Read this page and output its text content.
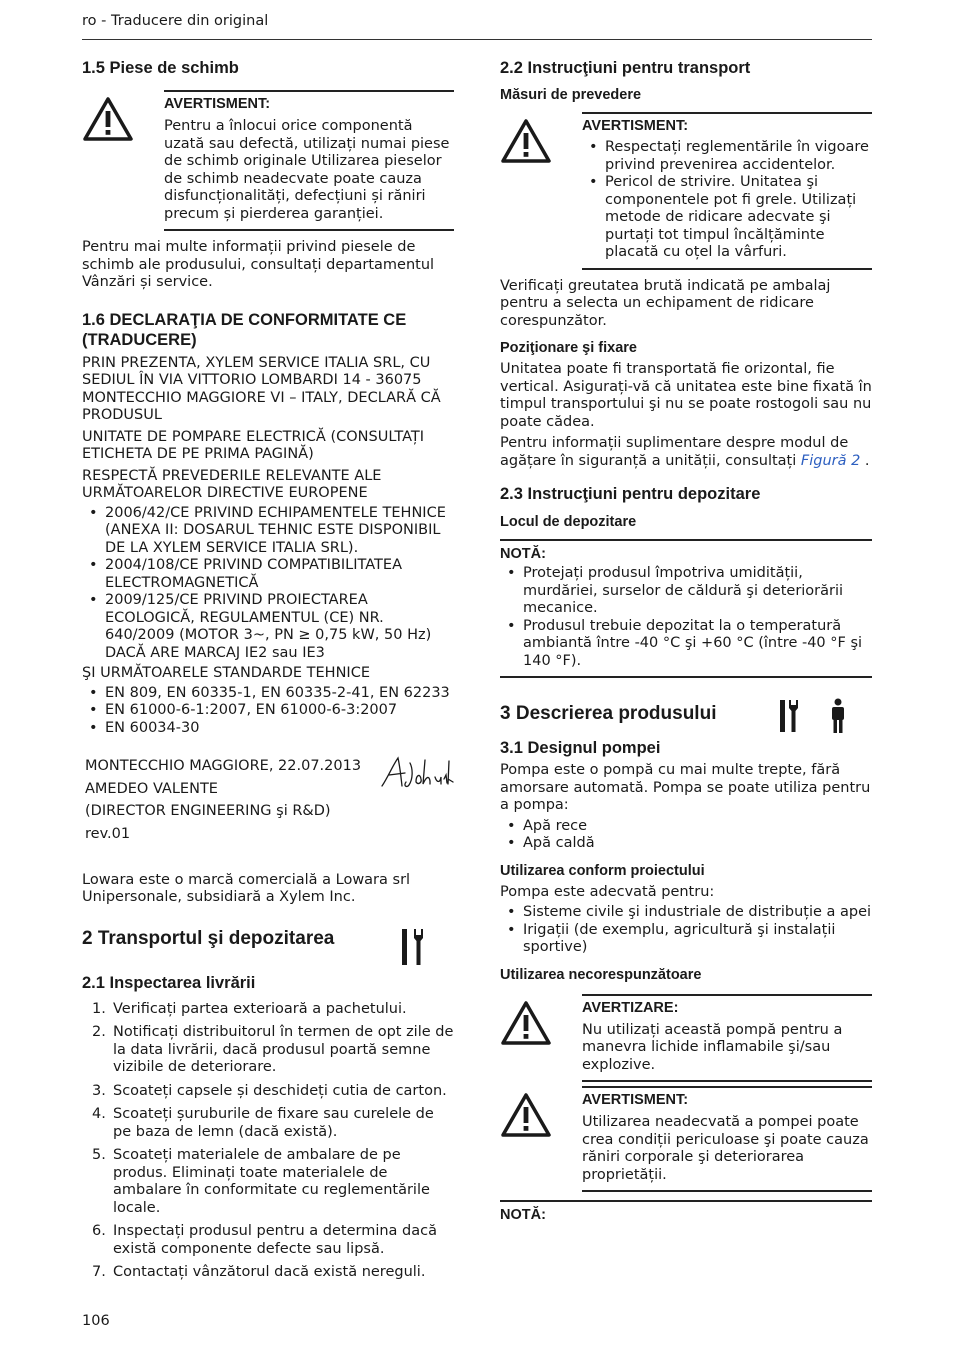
ro - Traducere din original
1.5 Piese de schimb
AVERTISMENT:

Pentru a înlocui orice componentă uzată sau defectă, utilizați numai piese de schimb originale Utilizarea pieselor de schimb neadecvate poate cauza disfuncționalități, defecțiuni și răniri precum și pierderea garanției.

Pentru mai multe informații privind piesele de schimb ale produsului, consultați departamentul Vânzări și service.

1.6 DECLARAŢIA DE CONFORMITATE CE (TRADUCERE)

PRIN PREZENTA, XYLEM SERVICE ITALIA SRL, CU SEDIUL ÎN VIA VITTORIO LOMBARDI 14 - 36075 MONTECCHIO MAGGIORE VI – ITALY, DECLARĂ CĂ PRODUSUL

UNITATE DE POMPARE ELECTRICĂ (CONSULTAȚI ETICHETA DE PE PRIMA PAGINĂ)

RESPECTĂ PREVEDERILE RELEVANTE ALE URMĂTOARELOR DIRECTIVE EUROPENE

• 2006/42/CE PRIVIND ECHIPAMENTELE TEHNICE (ANEXA II: DOSARUL TEHNIC ESTE DISPONIBIL DE LA XYLEM SERVICE ITALIA SRL).
• 2004/108/CE PRIVIND COMPATIBILITATEA ELECTROMAGNETICĂ
• 2009/125/CE PRIVIND PROIECTAREA ECOLOGICĂ, REGULAMENTUL (CE) NR. 640/2009 (MOTOR 3~, PN ≥ 0,75 kW, 50 Hz) DACĂ ARE MARCAJ IE2 sau IE3

ŞI URMĂTOARELE STANDARDE TEHNICE

• EN 809, EN 60335-1, EN 60335-2-41, EN 62233
• EN 61000-6-1:2007, EN 61000-6-3:2007
• EN 60034-30

MONTECCHIO MAGGIORE, 22.07.2013

AMEDEO VALENTE

(DIRECTOR ENGINEERING şi R&D)

rev.01

Lowara este o marcă comercială a Lowara srl Unipersonale, subsidiară a Xylem Inc.

2 Transportul şi depozitarea
2.1 Inspectarea livrării
1. Verificați partea exterioară a pachetului.
2. Notificați distribuitorul în termen de opt zile de la data livrării, dacă produsul poartă semne vizibile de deteriorare.
3. Scoateți capsele și deschideți cutia de carton.
4. Scoateți șuruburile de fixare sau curelele de pe baza de lemn (dacă există).
5. Scoateți materialele de ambalare de pe produs. Eliminați toate materialele de ambalare în conformitate cu reglementările locale.
6. Inspectați produsul pentru a determina dacă există componente defecte sau lipsă.
7. Contactați vânzătorul dacă există nereguli.
2.2 Instrucţiuni pentru transport
Măsuri de prevedere
AVERTISMENT:
• Respectați reglementările în vigoare privind prevenirea accidentelor.
• Pericol de strivire. Unitatea şi componentele pot fi grele. Utilizați metode de ridicare adecvate şi purtați tot timpul încălțăminte placată cu oțel la vârfuri.

Verificați greutatea brută indicată pe ambalaj pentru a selecta un echipament de ridicare corespunzător.

Poziţionare şi fixare

Unitatea poate fi transportată fie orizontal, fie vertical. Asigurați-vă că unitatea este bine fixată în timpul transportului şi nu se poate rostogoli sau nu poate cădea.

Pentru informații suplimentare despre modul de agățare în siguranță a unității, consultați Figură 2 .

2.3 Instrucţiuni pentru depozitare
Locul de depozitare
NOTĂ:
• Protejați produsul împotriva umidității, murdăriei, surselor de căldură şi deteriorării mecanice.
• Produsul trebuie depozitat la o temperatură ambiantă între -40 °C şi +60 °C (între -40 °F şi 140 °F).
3 Descrierea produsului
3.1 Designul pompei

Pompa este o pompă cu mai multe trepte, fără amorsare automată. Pompa se poate utiliza pentru a pompa:

• Apă rece
• Apă caldă
Utilizarea conform proiectului

Pompa este adecvată pentru:

• Sisteme civile şi industriale de distribuție a apei
• Irigații (de exemplu, agricultură şi instalații sportive)
Utilizarea necorespunzătoare
AVERTIZARE:

Nu utilizați această pompă pentru a manevra lichide inflamabile şi/sau explozive.

AVERTISMENT:

Utilizarea neadecvată a pompei poate crea condiții periculoase şi poate cauza răniri corporale şi deteriorarea proprietății.

NOTĂ:
106
